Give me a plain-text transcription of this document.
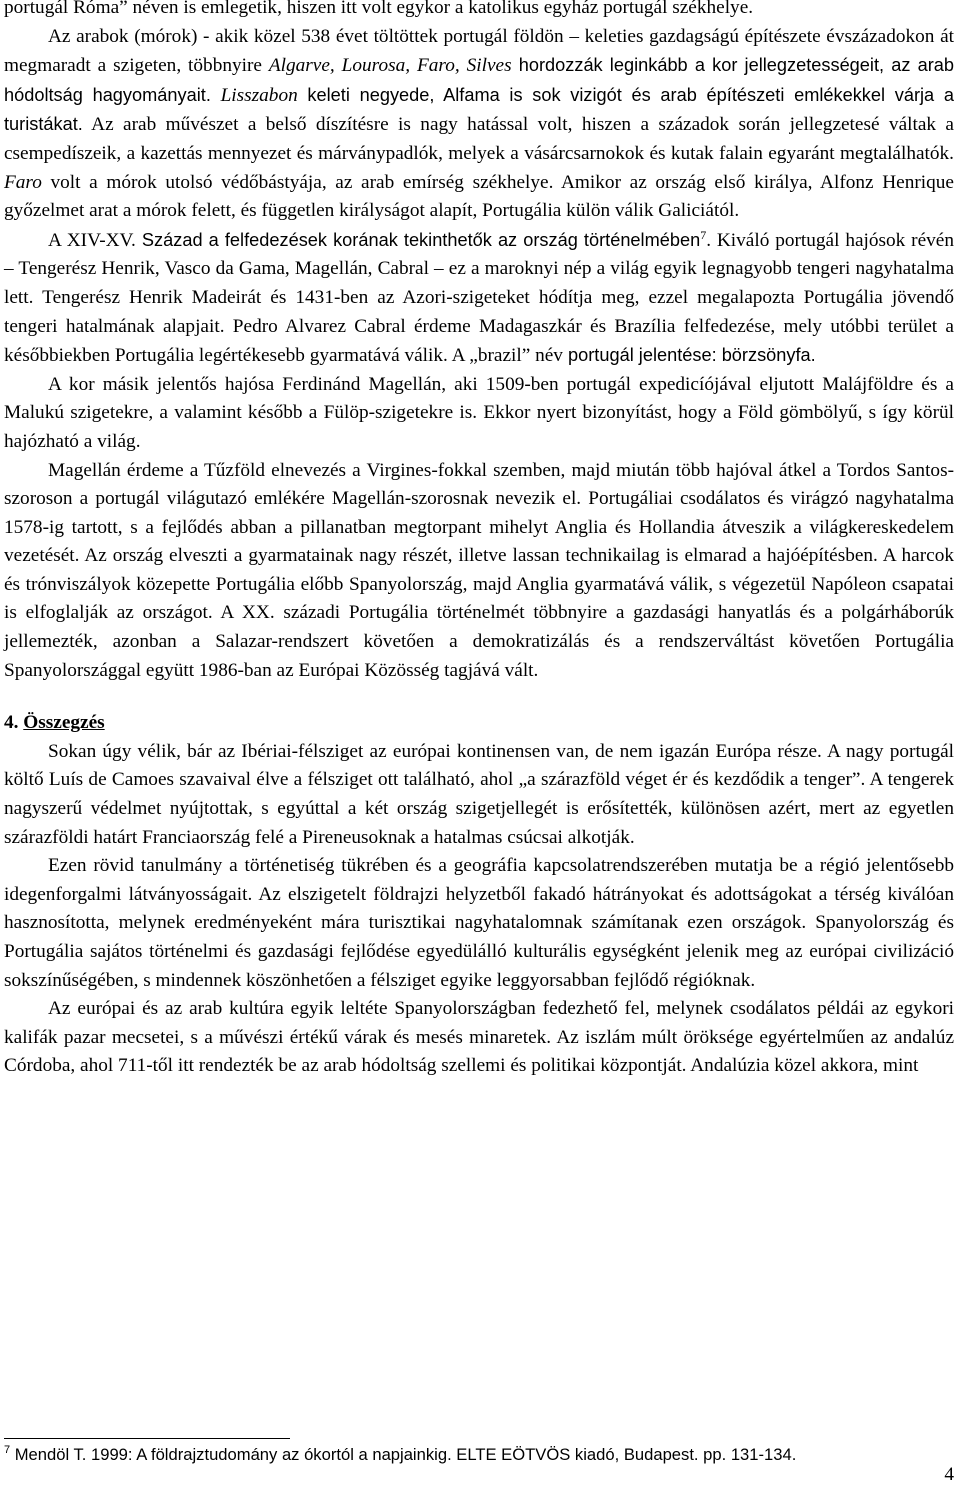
portugál Róma” néven is emlegetik, hiszen itt volt egykor a katolikus egyház portugál székhelye.

Az arabok (mórok) - akik közel 538 évet töltöttek portugál földön – keleties gazdagságú építészete évszázadokon át megmaradt a szigeten, többnyire Algarve, Lourosa, Faro, Silves hordozzák leginkább a kor jellegzetességeit, az arab hódoltság hagyományait. Lisszabon keleti negyede, Alfama is sok vizigót és arab építészeti emlékekkel várja a turistákat. Az arab művészet a belső díszítésre is nagy hatással volt, hiszen a századok során jellegzetesé váltak a csempedíszeik, a kazettás mennyezet és márványpadlók, melyek a vásárcsarnokok és kutak falain egyaránt megtalálhatók. Faro volt a mórok utolsó védőbástyája, az arab emírség székhelye. Amikor az ország első királya, Alfonz Henrique győzelmet arat a mórok felett, és független királyságot alapít, Portugália külön válik Galiciától.

A XIV-XV. Század a felfedezések korának tekinthetők az ország történelmében$^7$. Kiváló portugál hajósok révén – Tengerész Henrik, Vasco da Gama, Magellán, Cabral – ez a maroknyi nép a világ egyik legnagyobb tengeri nagyhatalma lett. Tengerész Henrik Madeirát és 1431-ben az Azori-szigeteket hódítja meg, ezzel megalapozta Portugália jövendő tengeri hatalmának alapjait. Pedro Alvarez Cabral érdeme Madagaszkár és Brazília felfedezése, mely utóbbi terület a későbbiekben Portugália legértékesebb gyarmatává válik. A „brazil” név portugál jelentése: börzsönyfa.

A kor másik jelentős hajósa Ferdinánd Magellán, aki 1509-ben portugál expedicíójával eljutott Malájföldre és a Malukú szigetekre, a valamint később a Fülöp-szigetekre is. Ekkor nyert bizonyítást, hogy a Föld gömbölyű, s így körül hajózható a világ.

Magellán érdeme a Tűzföld elnevezés a Virgines-fokkal szemben, majd miután több hajóval átkel a Tordos Santos-szoroson a portugál világutazó emlékére Magellán-szorosnak nevezik el. Portugáliai csodálatos és virágzó nagyhatalma 1578-ig tartott, s a fejlődés abban a pillanatban megtorpant mihelyt Anglia és Hollandia átveszik a világkereskedelem vezetését. Az ország elveszti a gyarmatainak nagy részét, illetve lassan technikailag is elmarad a hajóépítésben. A harcok és trónviszályok közepette Portugália előbb Spanyolország, majd Anglia gyarmatává válik, s végezetül Napóleon csapatai is elfoglalják az országot. A XX. századi Portugália történelmét többnyire a gazdasági hanyatlás és a polgárháborúk jellemezték, azonban a Salazar-rendszert követően a demokratizálás és a rendszerváltást követően Portugália Spanyolországgal együtt 1986-ban az Európai Közösség tagjává vált.

4. Összegzés

Sokan úgy vélik, bár az Ibériai-félsziget az európai kontinensen van, de nem igazán Európa része. A nagy portugál költő Luís de Camoes szavaival élve a félsziget ott található, ahol „a szárazföld véget ér és kezdődik a tenger”. A tengerek nagyszerű védelmet nyújtottak, s egyúttal a két ország szigetjellegét is erősítették, különösen azért, mert az egyetlen szárazföldi határt Franciaország felé a Pireneusoknak a hatalmas csúcsai alkotják.

Ezen rövid tanulmány a történetiség tükrében és a geográfia kapcsolatrendszerében mutatja be a régió jelentősebb idegenforgalmi látványosságait. Az elszigetelt földrajzi helyzetből fakadó hátrányokat és adottságokat a térség kiválóan hasznosította, melynek eredményeként mára turisztikai nagyhatalomnak számítanak ezen országok. Spanyolország és Portugália sajátos történelmi és gazdasági fejlődése egyedülálló kulturális egységként jelenik meg az európai civilizáció sokszínűségében, s mindennek köszönhetően a félsziget egyike leggyorsabban fejlődő régióknak.

Az európai és az arab kultúra egyik leltéte Spanyolországban fedezhető fel, melynek csodálatos példái az egykori kalifák pazar mecsetei, s a művészi értékű várak és mesés minaretek. Az iszlám múlt öröksége egyértelműen az andalúz Córdoba, ahol 711-től itt rendezték be az arab hódoltság szellemi és politikai központját. Andalúzia közel akkora, mint

$^7$ Mendöl T. 1999: A földrajztudomány az ókortól a napjainkig. ELTE EÖTVÖS kiadó, Budapest. pp. 131-134.
4
